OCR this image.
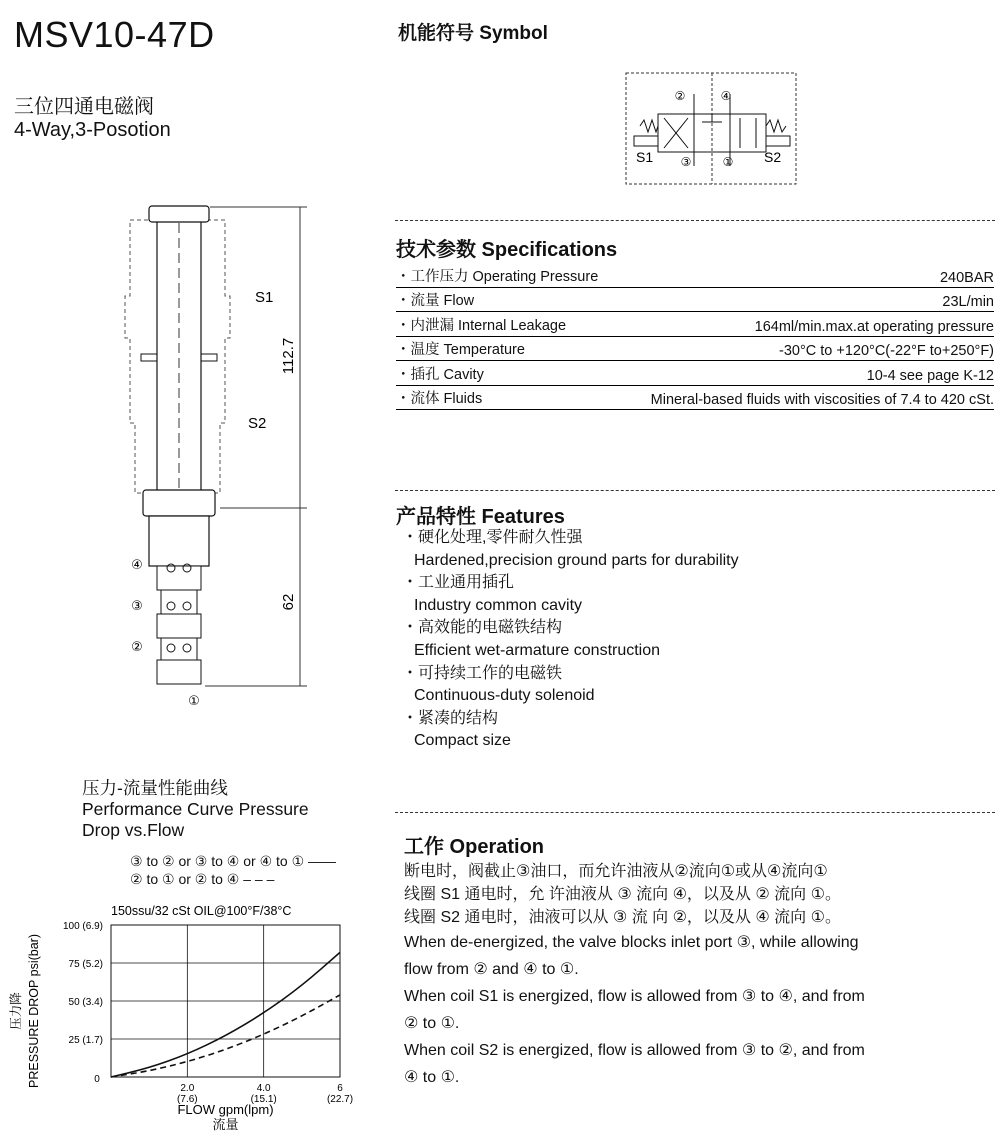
MSV10-47D
三位四通电磁阀
4-Way,3-Posotion
机能符号 Symbol
②	④
③	①
S1	S2
S1
S2
112.7
62
④
③
②
①
技术参数 Specifications
・工作压力 Operating Pressure	240BAR
・流量 Flow	23L/min
・内泄漏 Internal Leakage	164ml/min.max.at operating pressure
・温度 Temperature	-30°C to +120°C(-22°F to+250°F)
・插孔 Cavity	10-4 see page K-12
・流体 Fluids	Mineral-based fluids with viscosities of 7.4 to 420 cSt.
产品特性 Features
・硬化处理,零件耐久性强
Hardened,precision ground parts for durability
・工业通用插孔
Industry common cavity
・高效能的电磁铁结构
Efficient wet-armature construction
・可持续工作的电磁铁
Continuous-duty solenoid
・紧凑的结构
Compact size
工作 Operation
断电时，阀截止③油口，而允许油液从②流向①或从④流向①
线圈 S1 通电时，允 许油液从 ③ 流向 ④，以及从 ② 流向 ①。
线圈 S2 通电时，油液可以从 ③ 流 向 ②，以及从 ④ 流向 ①。
When de-energized, the valve blocks inlet port ③, while allowing
flow from ② and ④ to ①.
When coil S1 is energized, flow is allowed from ③ to ④, and from
② to ①.
When coil S2 is energized, flow is allowed from ③ to ②, and from
④ to ①.
压力-流量性能曲线
Performance Curve Pressure
Drop vs.Flow
③ to ② or ③ to ④ or ④ to ① ——
② to ① or ② to ④ – – –
2.0
(7.6)
4.0
(15.1)
6
(22.7)
0
25 (1.7)
50 (3.4)
75 (5.2)
100 (6.9)
150ssu/32 cSt OIL@100°F/38°C
FLOW gpm(lpm)
流量
PRESSURE DROP psi(bar)
压力降
